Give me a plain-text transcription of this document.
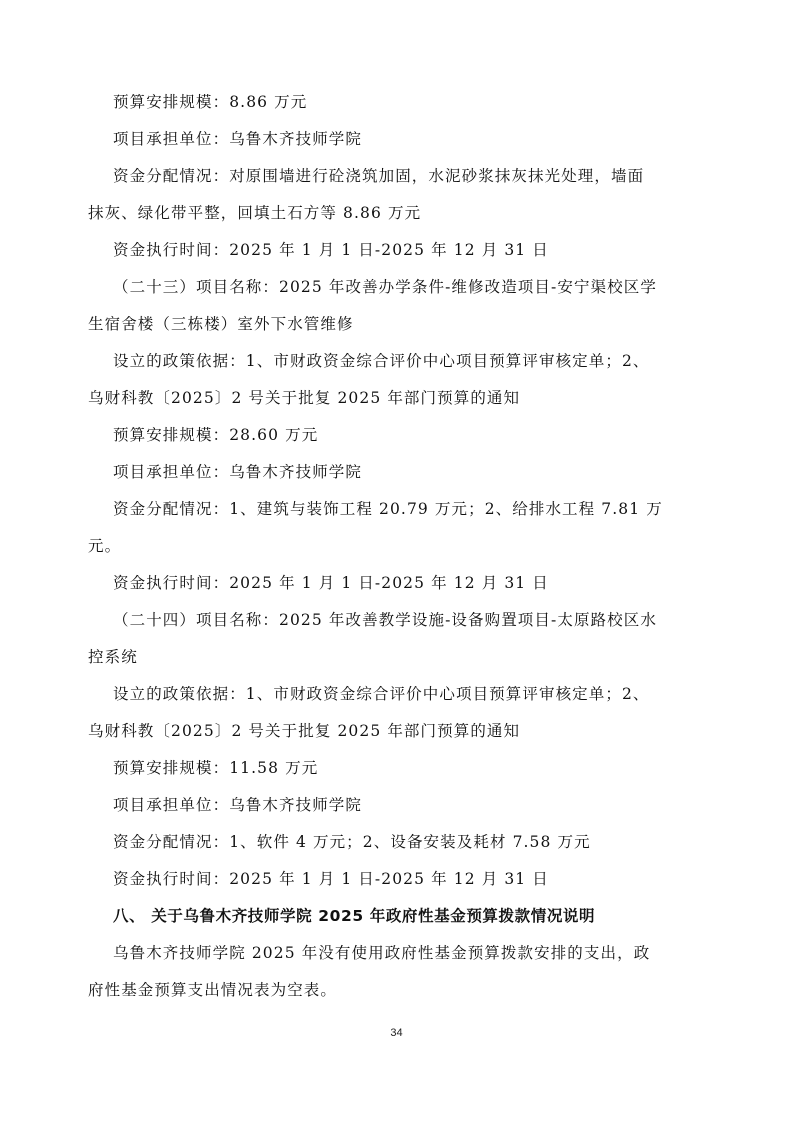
预算安排规模：8.86 万元
项目承担单位：乌鲁木齐技师学院
资金分配情况：对原围墙进行砼浇筑加固，水泥砂浆抹灰抹光处理，墙面
抹灰、绿化带平整，回填土石方等 8.86 万元
资金执行时间：2025 年 1 月 1 日-2025 年 12 月 31 日
（二十三）项目名称：2025 年改善办学条件-维修改造项目-安宁渠校区学
生宿舍楼（三栋楼）室外下水管维修
设立的政策依据：1、市财政资金综合评价中心项目预算评审核定单；2、
乌财科教〔2025〕2 号关于批复 2025 年部门预算的通知
预算安排规模：28.60 万元
项目承担单位：乌鲁木齐技师学院
资金分配情况：1、建筑与装饰工程 20.79 万元；2、给排水工程 7.81 万
元。
资金执行时间：2025 年 1 月 1 日-2025 年 12 月 31 日
（二十四）项目名称：2025 年改善教学设施-设备购置项目-太原路校区水
控系统
设立的政策依据：1、市财政资金综合评价中心项目预算评审核定单；2、
乌财科教〔2025〕2 号关于批复 2025 年部门预算的通知
预算安排规模：11.58 万元
项目承担单位：乌鲁木齐技师学院
资金分配情况：1、软件 4 万元；2、设备安装及耗材 7.58 万元
资金执行时间：2025 年 1 月 1 日-2025 年 12 月 31 日
八、 关于乌鲁木齐技师学院 2025 年政府性基金预算拨款情况说明
乌鲁木齐技师学院 2025 年没有使用政府性基金预算拨款安排的支出，政
府性基金预算支出情况表为空表。
34
